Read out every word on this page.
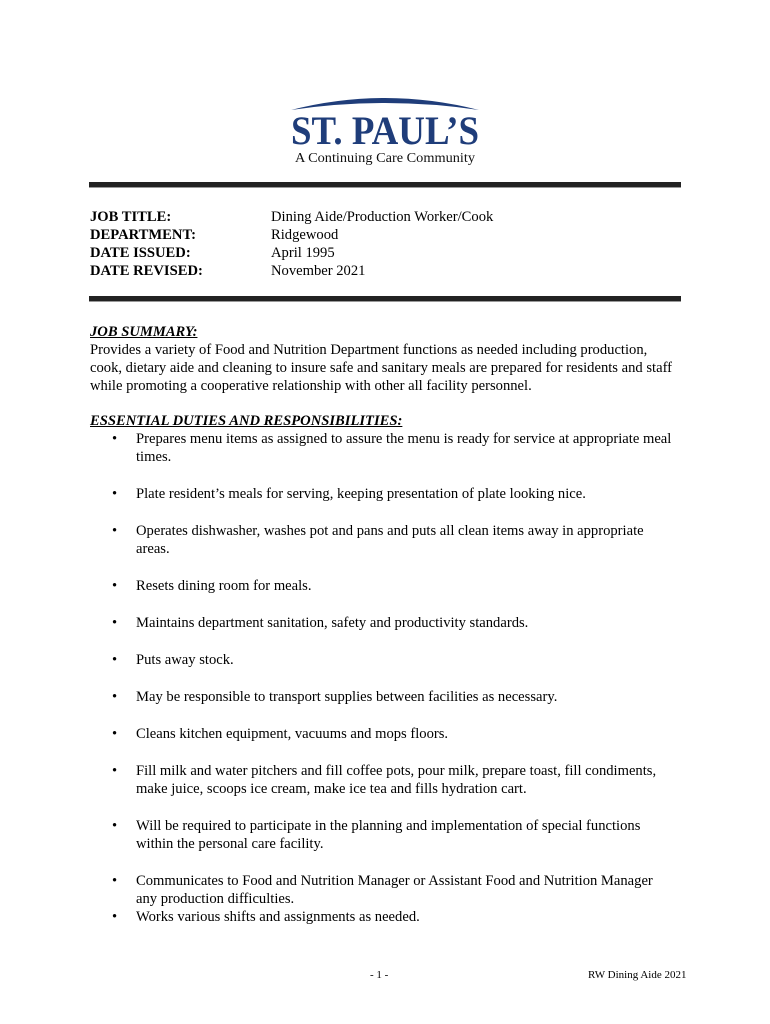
ST. PAUL’S
A Continuing Care Community
JOB TITLE:	Dining Aide/Production Worker/Cook
DEPARTMENT:	Ridgewood
DATE ISSUED:	April 1995
DATE REVISED:	November 2021
JOB SUMMARY:
Provides a variety of Food and Nutrition Department functions as needed including production, cook, dietary aide and cleaning to insure safe and sanitary meals are prepared for residents and staff while promoting a cooperative relationship with other all facility personnel.
ESSENTIAL DUTIES AND RESPONSIBILITIES:
• Prepares menu items as assigned to assure the menu is ready for service at appropriate meal times.
• Plate resident’s meals for serving, keeping presentation of plate looking nice.
• Operates dishwasher, washes pot and pans and puts all clean items away in appropriate areas.
• Resets dining room for meals.
• Maintains department sanitation, safety and productivity standards.
• Puts away stock.
• May be responsible to transport supplies between facilities as necessary.
• Cleans kitchen equipment, vacuums and mops floors.
• Fill milk and water pitchers and fill coffee pots, pour milk, prepare toast, fill condiments, make juice, scoops ice cream, make ice tea and fills hydration cart.
• Will be required to participate in the planning and implementation of special functions within the personal care facility.
• Communicates to Food and Nutrition Manager or Assistant Food and Nutrition Manager any production difficulties.
• Works various shifts and assignments as needed.
- 1 -	RW Dining Aide 2021
